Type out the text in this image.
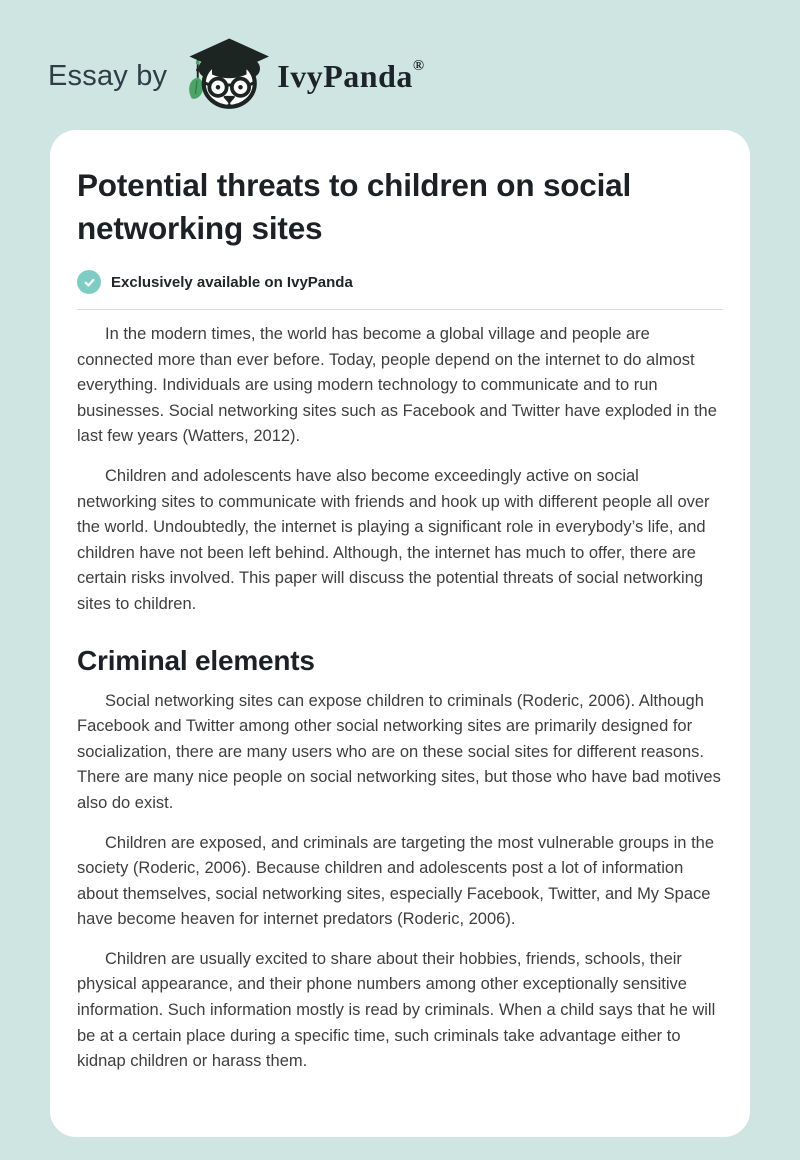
Essay by	IvyPanda ®
Potential threats to children on social networking sites
Exclusively available on IvyPanda

In the modern times, the world has become a global village and people are connected more than ever before. Today, people depend on the internet to do almost everything. Individuals are using modern technology to communicate and to run businesses. Social networking sites such as Facebook and Twitter have exploded in the last few years (Watters, 2012).

Children and adolescents have also become exceedingly active on social networking sites to communicate with friends and hook up with different people all over the world. Undoubtedly, the internet is playing a significant role in everybody’s life, and children have not been left behind. Although, the internet has much to offer, there are certain risks involved. This paper will discuss the potential threats of social networking sites to children.

Criminal elements

Social networking sites can expose children to criminals (Roderic, 2006). Although Facebook and Twitter among other social networking sites are primarily designed for socialization, there are many users who are on these social sites for different reasons. There are many nice people on social networking sites, but those who have bad motives also do exist.

Children are exposed, and criminals are targeting the most vulnerable groups in the society (Roderic, 2006). Because children and adolescents post a lot of information about themselves, social networking sites, especially Facebook, Twitter, and My Space have become heaven for internet predators (Roderic, 2006).

Children are usually excited to share about their hobbies, friends, schools, their physical appearance, and their phone numbers among other exceptionally sensitive information. Such information mostly is read by criminals. When a child says that he will be at a certain place during a specific time, such criminals take advantage either to kidnap children or harass them.
